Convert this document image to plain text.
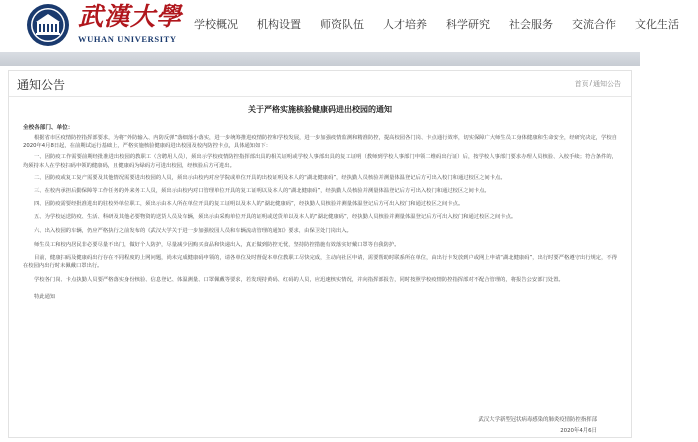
武漢大學
WUHAN UNIVERSITY
学校概况 机构设置 师资队伍 人才培养 科学研究 社会服务 交流合作 文化生活
通知公告	首页 / 通知公告
关于严格实施核验健康码进出校园的通知
全校各部门、单位：

根据省市区疫情防控指挥部要求，为将“外防输入、内防反弹”落细落小落实，进一步统筹推进疫情防控和学校发展，进一步加强疫情监测和精准防控，提高校园各门岗、卡点通行效率，切实保障广大师生员工身体健康和生命安全，经研究决定，学校自2020年4月8日起，在前期试运行基础上，严格实施核验健康码进出校园及校内防控卡点，具体通知如下：

一、因防疫工作需要前期经批准进出校园的教职工（含聘用人员），须出示学校疫情防控指挥部出具的相关证明或学校人事部出具的复工证明（教师到学校人事部门申领二维码出行证）后，按学校人事部门要求办理人员核验、入校手续；符合条件的，均须持本人在学校扫码申领的健康码，且健康码为绿码方可进出校园，经核验后方可进出。

二、因防疫或复工复产需要及其他情况需要进出校园的人员，须出示由校内对应学院或单位开具的出校证明及本人的“湖北健康码”，经执勤人员核验并测量体温登记后方可出入校门和通过校区之间卡点。

三、在校内承担后勤保障等工作任务的外来务工人员，须出示由校内对口管理单位开具的复工证明以及本人的“湖北健康码”，经执勤人员核验并测量体温登记后方可出入校门和通过校区之间卡点。

四、因防疫需要经批准进出的驻校外单位职工，须出示由本人所在单位开具的复工证明以及本人的“湖北健康码”，经执勤人员核验并测量体温登记后方可出入校门和通过校区之间卡点。

五、为学校运送防疫、生活、科研及其他必要物资的送货人员及车辆，须出示由采购单位开具的证明或送货单以及本人的“湖北健康码”，经执勤人员核验并测量体温登记后方可出入校门和通过校区之间卡点。

六、出入校园的车辆，仍应严格执行之前发布的《武汉大学关于进一步加强校园人员和车辆流动管理的通知》要求，由保卫处门岗出入。

师生员工和校内居民非必要尽量不出门，做好个人防护，尽量减少因购买食品和快递出入，真正做到防控无忧，坚持防控措施有效落实好戴口罩等自我防护。

目前，健康扫码及健康码出行存在不同程度的上网问题，尚未完成健康码申领的，请各单位及时督促本单位教职工尽快完成，主动向社区申请，需要帮助时联系所在单位，由出行卡发放到户或网上申请“湖北健康码”，出行时要严格遵守出行规定，不得在校园内出行时未佩戴口罩出行。

学校各门岗、卡点执勤人员要严格落实身份核验、信息登记、体温测量、口罩佩戴等要求，若发现持黄码、红码的人员，应迅速核实情况，并向指挥部报告，同时按照学校疫情防控指挥部对不配合管理的，将报告公安部门处置。

特此通知
武汉大学新型冠状病毒感染的肺炎疫情防控指挥部
2020年4月6日
